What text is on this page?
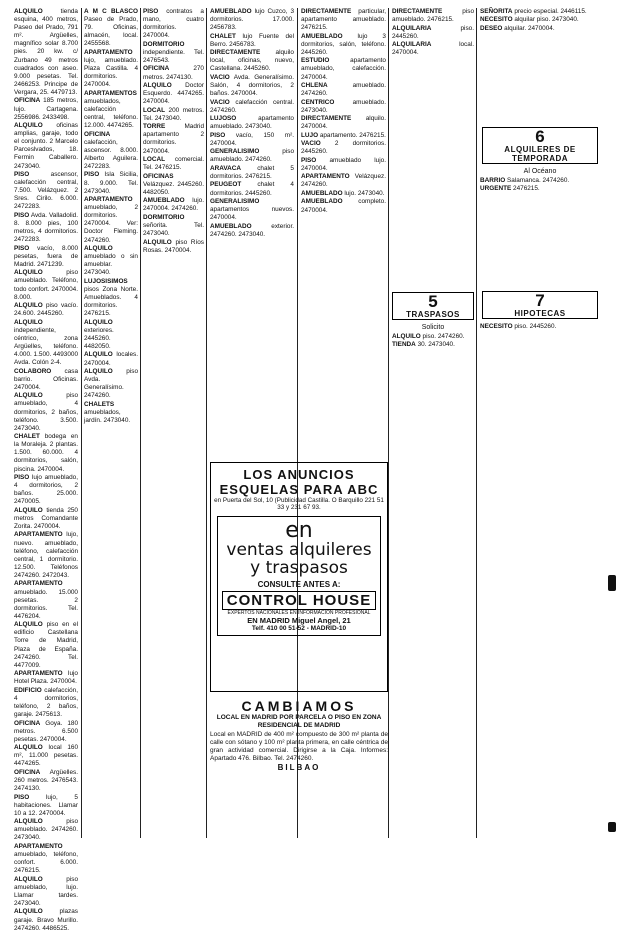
ALQUILO tienda esquina, 400 metros, Paseo del Prado, 791 m². Argüelles, magnífico solar 8.700 pies. 20 kw. c/ Zurbano 49 metros cuadrados con aseo. 9.000 pesetas. Tel. 2466253. Principe de Vergara, 25. 4479713.

OFICINA 185 metros, lujo. Cartagena. 2556986. 2433498.

ALQUILO oficinas amplias, garaje, todo el conjunto. 2 Marcelo Parceslvados, 18. Fermin Caballero. 2473040.

PISO ascensor, calefacción central, 7.500. Velázquez. 2 Sres. Cirilo. 6.000. 2472283.

PISO Avda. Valladolid. 8. 8.000 pies, 100 metros, 4 dormitorios. 2472283.

PISO vacío, 8.000 pesetas, fuera de Madrid. 2471239.

ALQUILO piso amueblado. Teléfono, todo confort. 2470004. 8.000.

ALQUILO piso vacío. 24.600. 2445260.

ALQUILO independiente, céntrico, zona Argüelles, teléfono. 4.000. 1.500. 4493000 Avda. Colón 2-4.

COLABORO casa barrio. Oficinas. 2470004.

ALQUILO piso amueblado, 4 dormitorios, 2 baños, teléfono. 3.500. 2473040.

CHALET bodega en la Moraleja. 2 plantas. 1.500. 60.000. 4 dormitorios, salón, piscina. 2470004.

PISO lujo amueblado, 4 dormitorios, 2 baños. 25.000. 2470005.

ALQUILO tienda 250 metros Comandante Zorita. 2470004.

APARTAMENTO lujo, nuevo. amueblado, teléfono, calefacción central, 1 dormitorio. 12.500. Teléfonos 2474260. 2472043.

APARTAMENTO amueblado. 15.000 pesetas. 2 dormitorios. Tel. 4476204.

ALQUILO piso en el edificio Castellana Torre de Madrid, Plaza de España. 2474260. Tel. 4477009.

APARTAMENTO lujo Hotel Plaza. 2470004.

EDIFICIO calefacción, 4 dormitorios, teléfono, 2 baños, garaje. 2475613.

OFICINA Goya. 180 metros. 6.500 pesetas. 2470004.

ALQUILO local 160 m², 11.000 pesetas. 4474265.

OFICINA Argüelles. 260 metros. 2476543. 2474130.

PISO lujo, 5 habitaciones. Llamar 10 a 12. 2470004.

ALQUILO piso amueblado. 2474260. 2473040.

APARTAMENTO amueblado, teléfono, confort. 6.000. 2476215.

ALQUILO piso amueblado, lujo. Llamar tardes. 2473040.

ALQUILO plazas garaje. Bravo Murillo. 2474260. 4486525.

A M C BLASCO Paseo de Prado, 79. Oficinas, almacén, local. 2455568.

APARTAMENTO lujo, amueblado. Plaza Castilla. 4 dormitorios. 2470004.

APARTAMENTOS amueblados, calefacción central, teléfono. 12.000. 4474265.

OFICINA calefacción, ascensor. 8.000. Alberto Aguilera. 2472283.

PISO Isla Sicilia, 8. 9.000. Tel. 2473040.

APARTAMENTO amueblado, 2 dormitorios. 2470004. Ver: Doctor Fleming. 2474260.

ALQUILO amueblado o sin amueblar. 2473040.

LUJOSISIMOS pisos Zona Norte. Amueblados. 4 dormitorios. 2476215.

ALQUILO exteriores. 2445260. 4482050.

ALQUILO locales. 2470004.

ALQUILO piso Avda. Generalísimo. 2474260.

CHALETS amueblados, jardín. 2473040.

PISO contratos a mano, cuatro dormitorios. 2470004.

DORMITORIO independiente. Tel. 2476543.

OFICINA 270 metros. 2474130.

ALQUILO Doctor Esquerdo. 4474265. 2470004.

LOCAL 200 metros. Tel. 2473040.

TORRE Madrid apartamento 2 dormitorios. 2470004.

LOCAL comercial. Tel. 2476215.

OFICINAS Velázquez. 2445260. 4482050.

AMUEBLADO lujo. 2470004. 2474260.

DORMITORIO señorita. Tel. 2473040.

ALQUILO piso Ríos Rosas. 2470004.

AMUEBLADO lujo Cuzco, 3 dormitorios. 17.000. 2456783.

CHALET lujo Fuente del Berro. 2456783.

DIRECTAMENTE alquilo local, oficinas, nuevo, Castellana. 2445260.

VACIO Avda. Generalísimo. Salón, 4 dormitorios, 2 baños. 2470004.

VACIO calefacción central. 2474260.

LUJOSO apartamento amueblado. 2473040.

PISO vacío, 150 m². 2470004.

GENERALISIMO piso amueblado. 2474260.

ARAVACA chalet 5 dormitorios. 2476215.

PEUGEOT chalet 4 dormitorios. 2445260.

GENERALISIMO apartamentos nuevos. 2470004.

AMUEBLADO exterior. 2474260. 2473040.

DIRECTAMENTE particular, apartamento amueblado. 2476215.

AMUEBLADO lujo 3 dormitorios, salón, teléfono. 2445260.

ESTUDIO apartamento amueblado, calefacción. 2470004.

CHLENA amueblado. 2474260.

CENTRICO amueblado. 2473040.

DIRECTAMENTE alquilo. 2470004.

LUJO apartamento. 2476215.

VACIO 2 dormitorios. 2445260.

PISO amueblado lujo. 2470004.

APARTAMENTO Velázquez. 2474260.

AMUEBLADO lujo. 2473040.

AMUEBLADO completo. 2470004.

DIRECTAMENTE piso amueblado. 2476215.

ALQUILARIA piso. 2445260.

ALQUILARIA local. 2470004.

5
TRASPASOS
Solicito

ALQUILO piso. 2474260.

TIENDA 30. 2473040.

SEÑORITA precio especial. 2446115.

NECESITO alquilar piso. 2473040.

DESEO alquilar. 2470004.

6
ALQUILERES DE TEMPORADA
Al Océano

BARRIO Salamanca. 2474260.

URGENTE 2476215.

7
HIPOTECAS

NECESITO piso. 2445260.

LOS ANUNCIOS
ESQUELAS PARA ABC
en Puerta del Sol, 10 (Publicidad Castilla. O Barquillo 221 51 33 y 231 67 93.
en
ventas alquileres
y traspasos
CONSULTE ANTES A:
CONTROL HOUSE
EXPERTOS NACIONALES EN INFORMACION PROFESIONAL
EN MADRID Miguel Angel, 21
Telf. 410 00 51-52 - MADRID-10
CAMBIAMOS
LOCAL EN MADRID POR PARCELA O PISO EN ZONA RESIDENCIAL DE MADRID
Local en MADRID de 400 m² compuesto de 300 m² planta de calle con sótano y 100 m² planta primera, en calle céntrica de gran actividad comercial. Dirigirse a la Caja. Informes: Apartado 476. Bilbao. Tel. 2474260.
BILBAO
